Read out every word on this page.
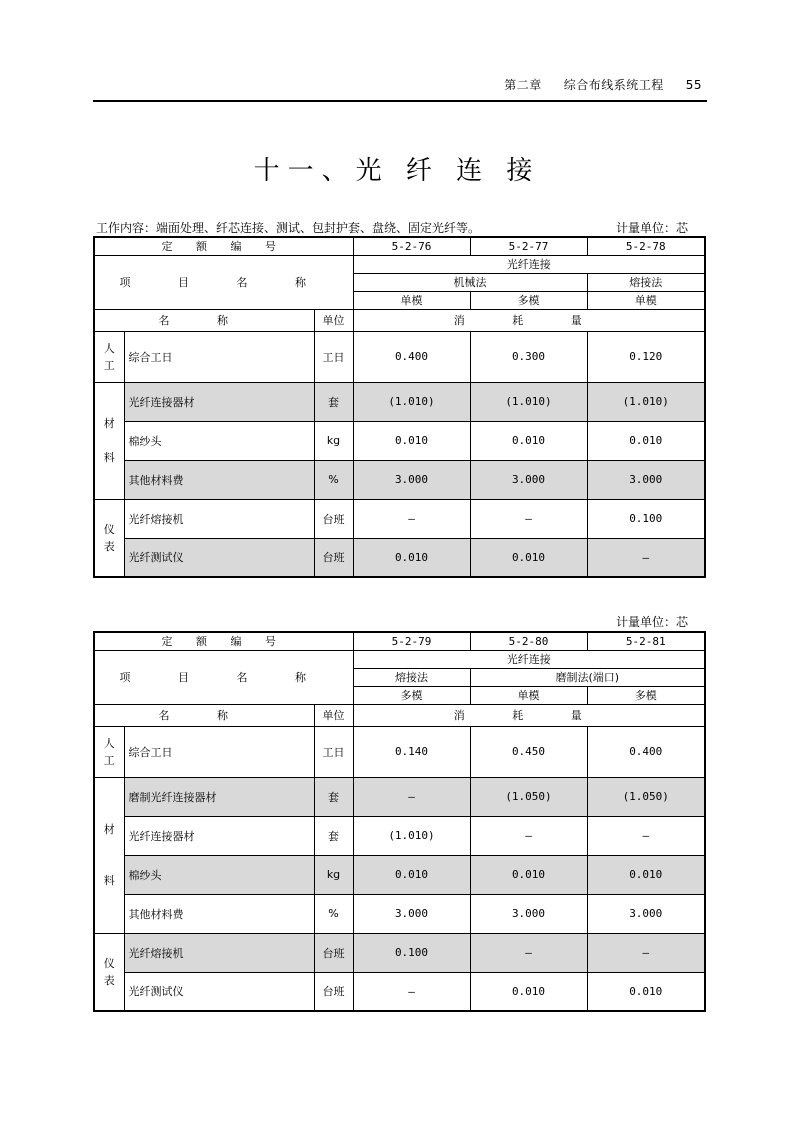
第二章 综合布线系统工程 55
十一、光 纤 连 接
工作内容：端面处理、纤芯连接、测试、包封护套、盘绕、固定光纤等。	计量单位：芯
定 额 编 号			5-2-76	5-2-77	5-2-78
项 目 名 称			光纤连接		
			机械法		熔接法
			单模	多模	单模
名 称		单位	消 耗 量		
人
工	综合工日	工日	0.400	0.300	0.120
材

料	光纤连接器材	套	(1.010)	(1.010)	(1.010)
	棉纱头	kg	0.010	0.010	0.010
	其他材料费	%	3.000	3.000	3.000
仪
表	光纤熔接机	台班	—	—	0.100
	光纤测试仪	台班	0.010	0.010	—
计量单位：芯
定 额 编 号			5-2-79	5-2-80	5-2-81
项 目 名 称			光纤连接		
			熔接法	磨制法(端口)	
			多模	单模	多模
名 称		单位	消 耗 量		
人
工	综合工日	工日	0.140	0.450	0.400
材

料	磨制光纤连接器材	套	—	(1.050)	(1.050)
	光纤连接器材	套	(1.010)	—	—
	棉纱头	kg	0.010	0.010	0.010
	其他材料费	%	3.000	3.000	3.000
仪
表	光纤熔接机	台班	0.100	—	—
	光纤测试仪	台班	—	0.010	0.010
